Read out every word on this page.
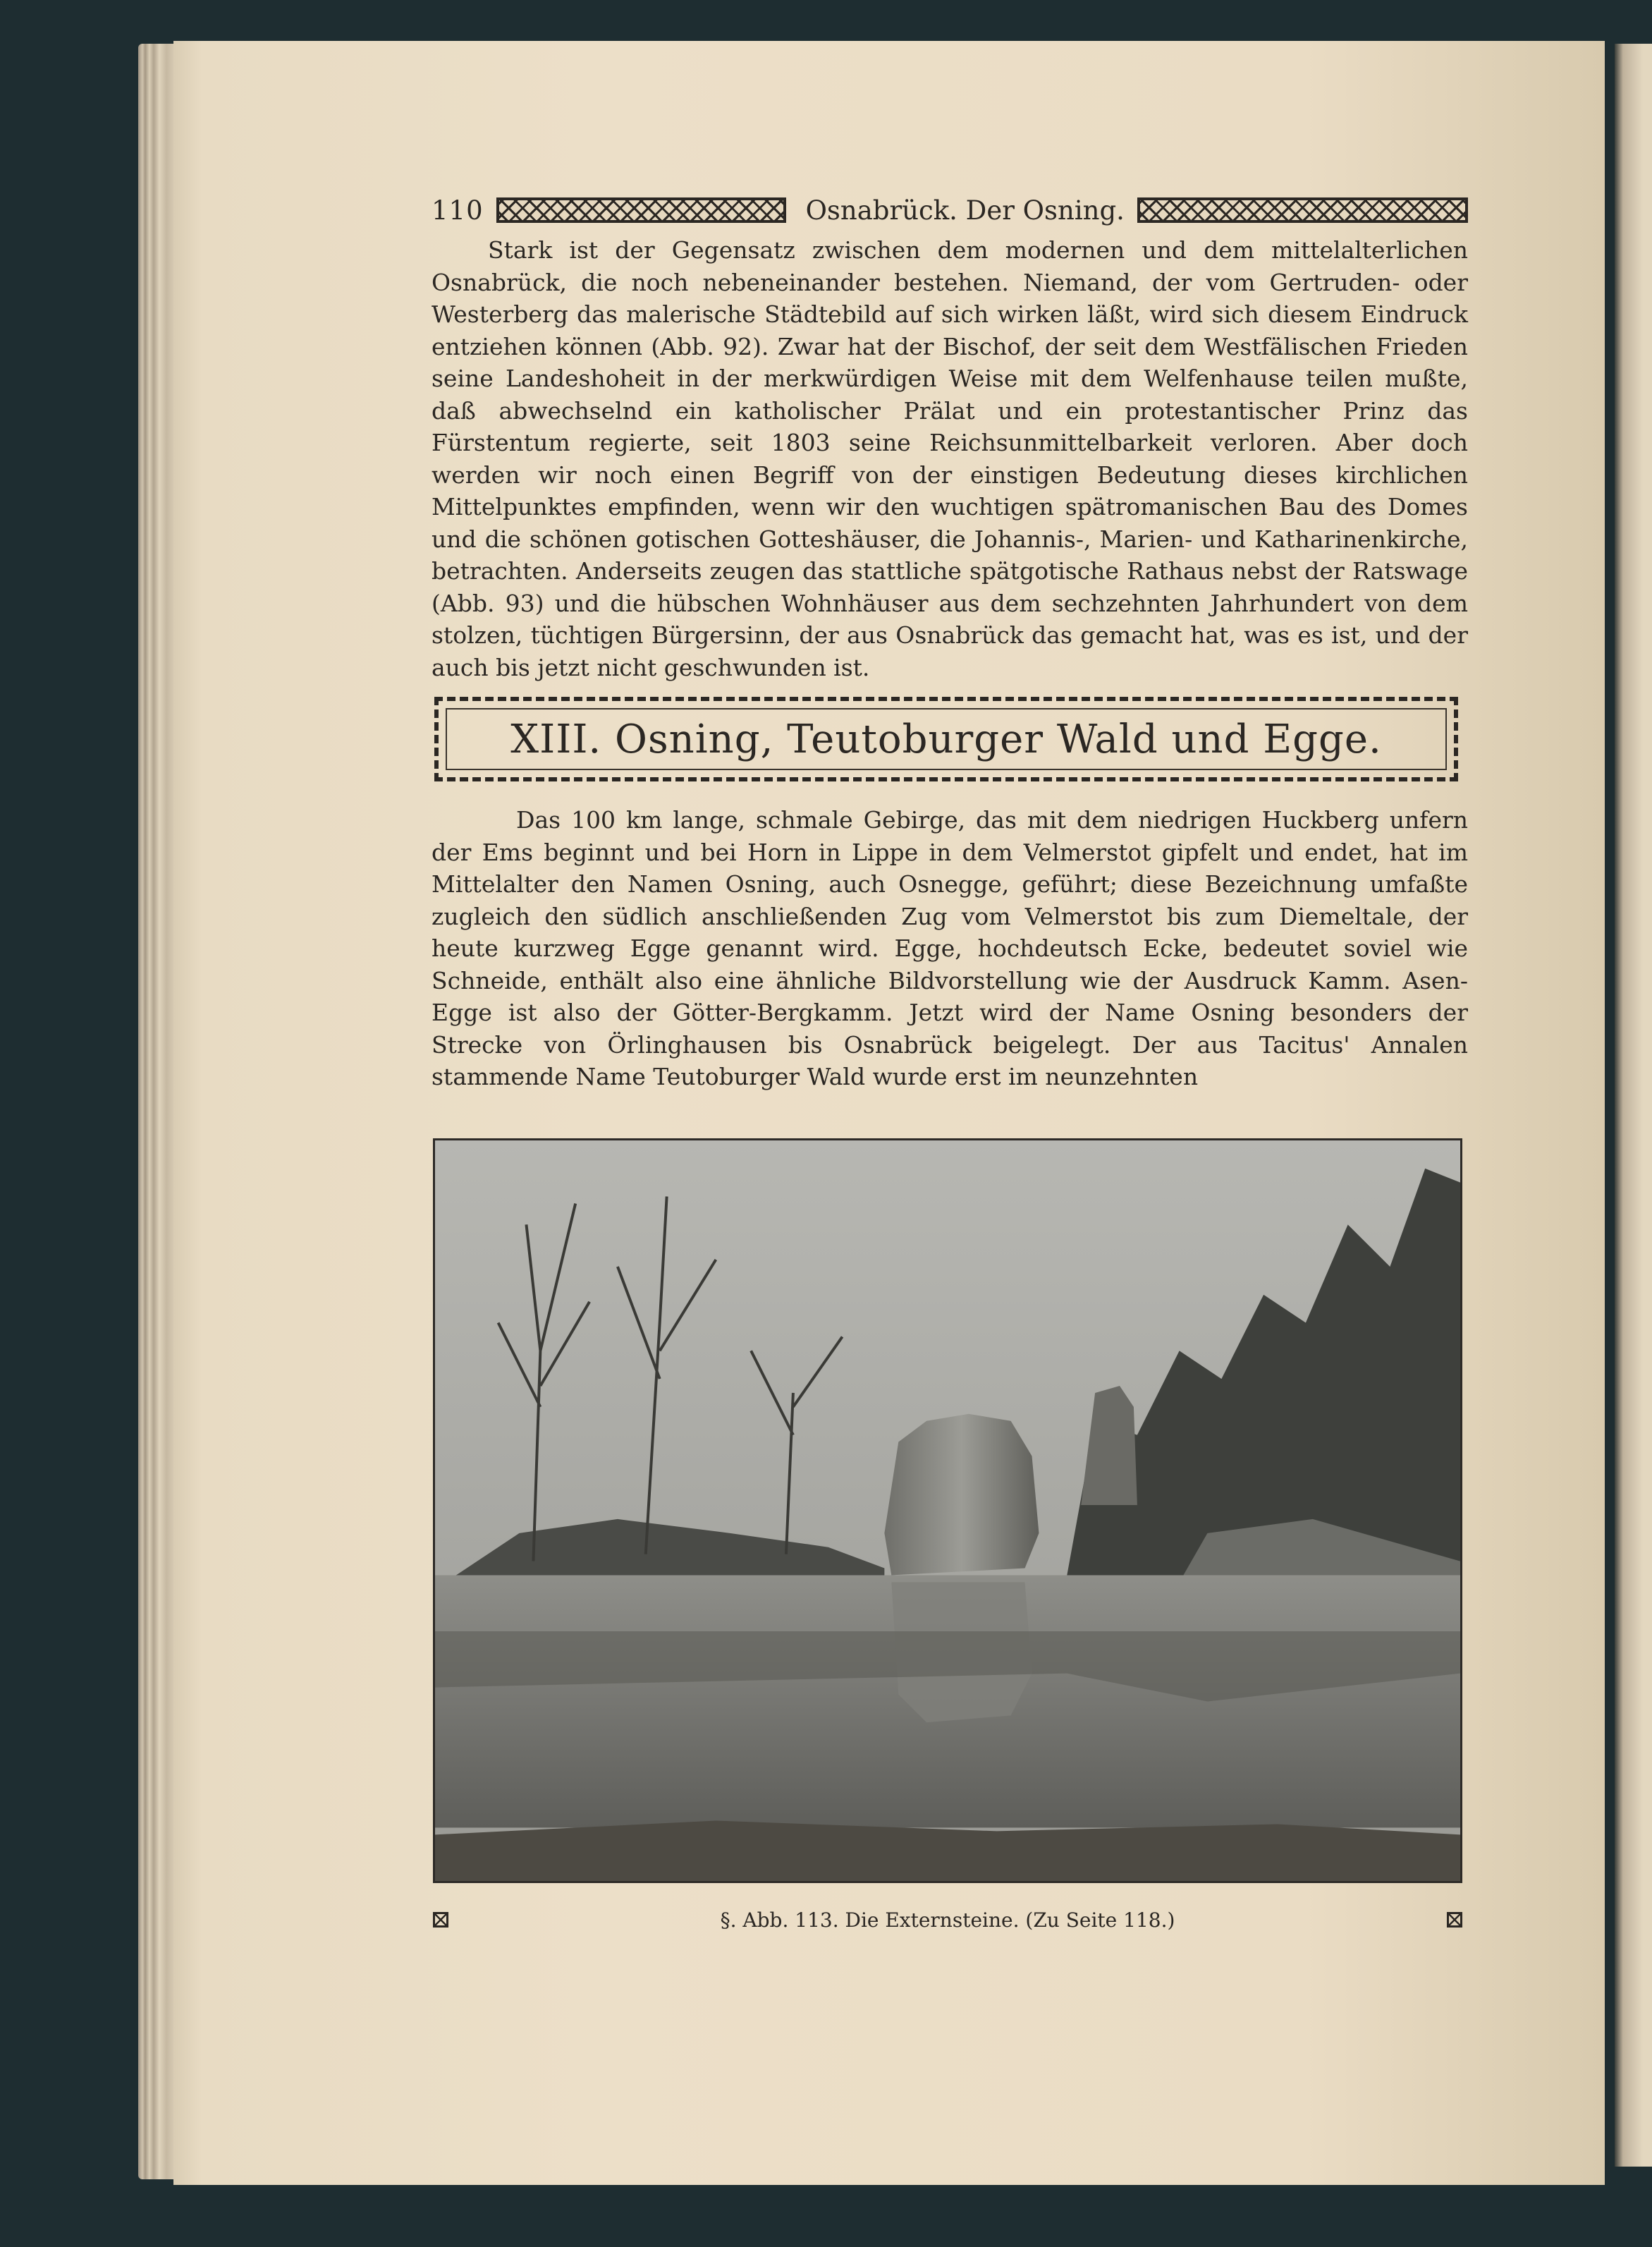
110	Osnabrück. Der Osning.

Stark ist der Gegensatz zwischen dem modernen und dem mittelalterlichen Osnabrück, die noch nebeneinander bestehen. Niemand, der vom Gertruden- oder Westerberg das malerische Städtebild auf sich wirken läßt, wird sich diesem Eindruck entziehen können (Abb. 92). Zwar hat der Bischof, der seit dem Westfälischen Frieden seine Landeshoheit in der merkwürdigen Weise mit dem Welfenhause teilen mußte, daß abwechselnd ein katholischer Prälat und ein protestantischer Prinz das Fürstentum regierte, seit 1803 seine Reichsunmittelbarkeit verloren. Aber doch werden wir noch einen Begriff von der einstigen Bedeutung dieses kirchlichen Mittelpunktes empfinden, wenn wir den wuchtigen spätromanischen Bau des Domes und die schönen gotischen Gotteshäuser, die Johannis-, Marien- und Katharinenkirche, betrachten. Anderseits zeugen das stattliche spätgotische Rathaus nebst der Ratswage (Abb. 93) und die hübschen Wohnhäuser aus dem sechzehnten Jahrhundert von dem stolzen, tüchtigen Bürgersinn, der aus Osnabrück das gemacht hat, was es ist, und der auch bis jetzt nicht geschwunden ist.

XIII. Osning, Teutoburger Wald und Egge.

Das 100 km lange, schmale Gebirge, das mit dem niedrigen Huckberg unfern der Ems beginnt und bei Horn in Lippe in dem Velmerstot gipfelt und endet, hat im Mittelalter den Namen Osning, auch Osnegge, geführt; diese Bezeichnung umfaßte zugleich den südlich anschließenden Zug vom Velmerstot bis zum Diemeltale, der heute kurzweg Egge genannt wird. Egge, hochdeutsch Ecke, bedeutet soviel wie Schneide, enthält also eine ähnliche Bildvorstellung wie der Ausdruck Kamm. Asen-Egge ist also der Götter-Bergkamm. Jetzt wird der Name Osning besonders der Strecke von Örlinghausen bis Osnabrück beigelegt. Der aus Tacitus' Annalen stammende Name Teutoburger Wald wurde erst im neunzehnten

§. Abb. 113. Die Externsteine. (Zu Seite 118.)
